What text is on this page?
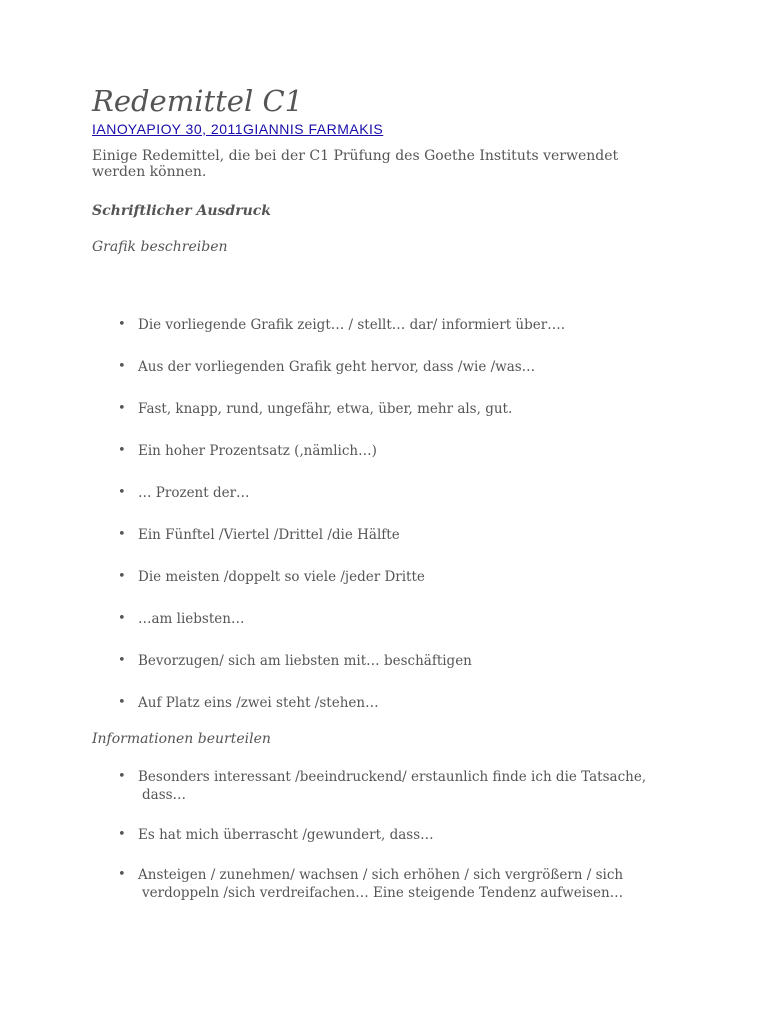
Redemittel C1
ΙΑΝΟΥΑΡΙΟΥ 30, 2011GIANNIS FARMAKIS
Einige Redemittel, die bei der C1 Prüfung des Goethe Instituts verwendet werden können.
Schriftlicher Ausdruck
Grafik beschreiben
• Die vorliegende Grafik zeigt… / stellt… dar/ informiert über….
• Aus der vorliegenden Grafik geht hervor, dass /wie /was…
• Fast, knapp, rund, ungefähr, etwa, über, mehr als, gut.
• Ein hoher Prozentsatz (‚nämlich…)
• … Prozent der…
• Ein Fünftel /Viertel /Drittel /die Hälfte
• Die meisten /doppelt so viele /jeder Dritte
• …am liebsten…
• Bevorzugen/ sich am liebsten mit… beschäftigen
• Auf Platz eins /zwei steht /stehen…
Informationen beurteilen
• Besonders interessant /beeindruckend/ erstaunlich finde ich die Tatsache,
dass…
• Es hat mich überrascht /gewundert, dass…
• Ansteigen / zunehmen/ wachsen / sich erhöhen / sich vergrößern / sich
verdoppeln /sich verdreifachen… Eine steigende Tendenz aufweisen…
